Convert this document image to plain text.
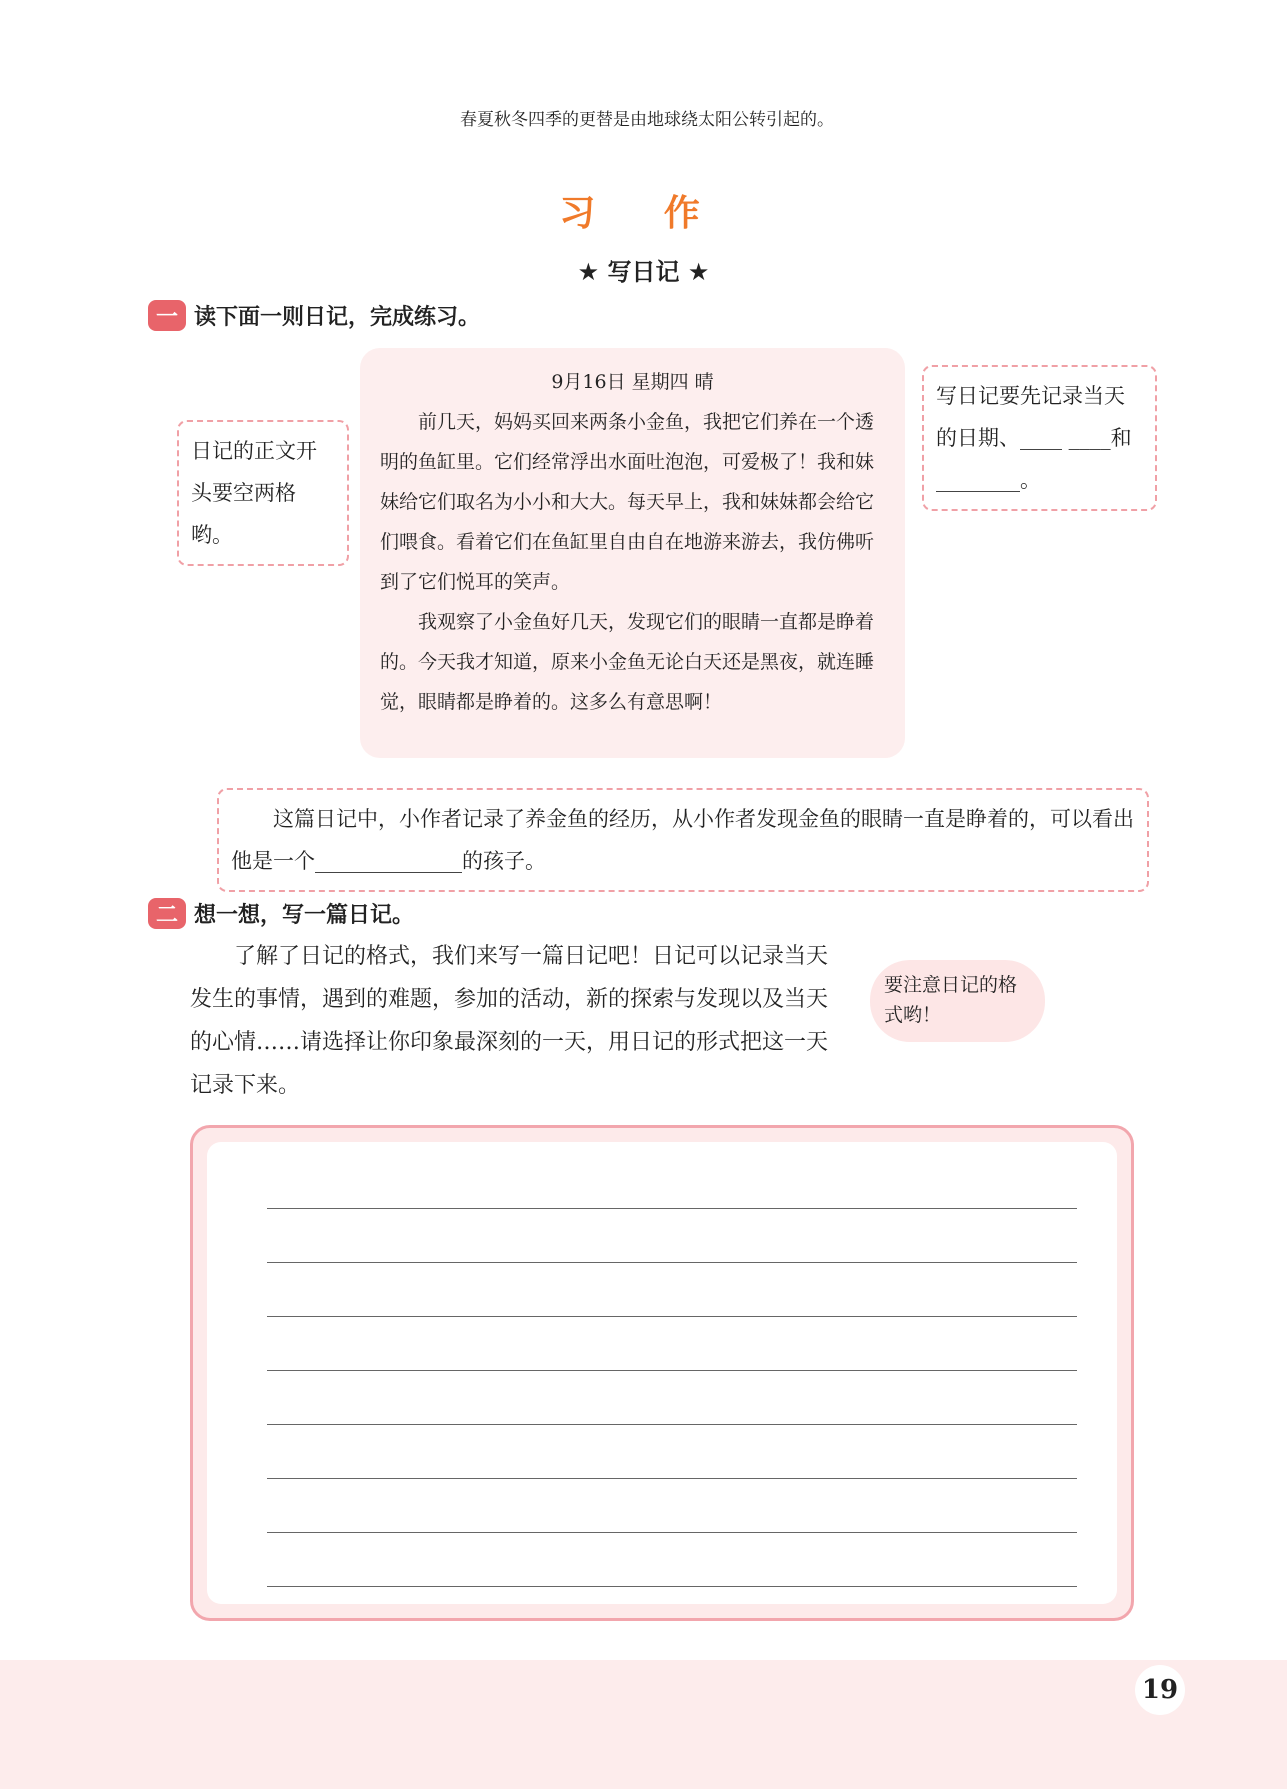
春夏秋冬四季的更替是由地球绕太阳公转引起的。
习 作
★ 写日记 ★
一 读下面一则日记，完成练习。
9月16日 星期四 晴
前几天，妈妈买回来两条小金鱼，我把它们养在一个透明的鱼缸里。它们经常浮出水面吐泡泡，可爱极了！我和妹妹给它们取名为小小和大大。每天早上，我和妹妹都会给它们喂食。看着它们在鱼缸里自由自在地游来游去，我仿佛听到了它们悦耳的笑声。
我观察了小金鱼好几天，发现它们的眼睛一直都是睁着的。今天我才知道，原来小金鱼无论白天还是黑夜，就连睡觉，眼睛都是睁着的。这多么有意思啊！
日记的正文开头要空两格哟。
写日记要先记录当天的日期、____ ____和________。
这篇日记中，小作者记录了养金鱼的经历，从小作者发现金鱼的眼睛一直是睁着的，可以看出他是一个______________的孩子。
二 想一想，写一篇日记。
了解了日记的格式，我们来写一篇日记吧！日记可以记录当天发生的事情，遇到的难题，参加的活动，新的探索与发现以及当天的心情……请选择让你印象最深刻的一天，用日记的形式把这一天记录下来。
要注意日记的格式哟！
19
